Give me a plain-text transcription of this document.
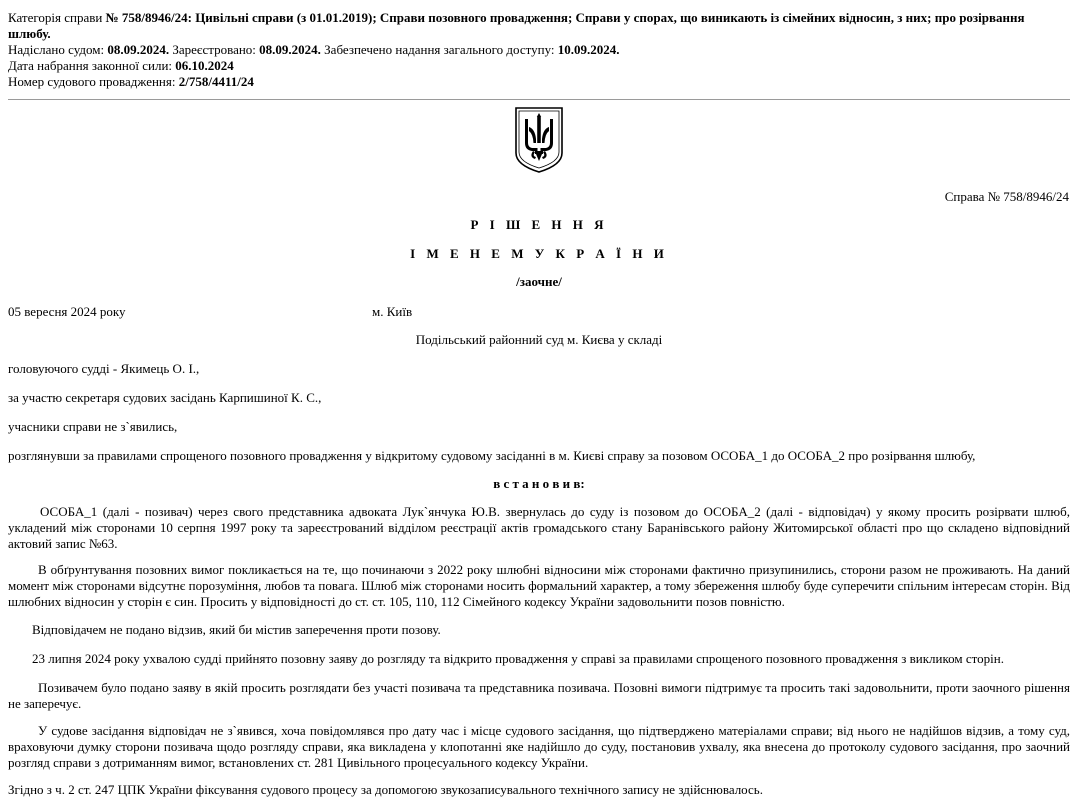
Категорія справи № 758/8946/24: Цивільні справи (з 01.01.2019); Справи позовного провадження; Справи у спорах, що виникають із сімейних відносин, з них; про розірвання шлюбу.

Надіслано судом: 08.09.2024. Зареєстровано: 08.09.2024. Забезпечено надання загального доступу: 10.09.2024.

Дата набрання законної сили: 06.10.2024

Номер судового провадження: 2/758/4411/24

Справа № 758/8946/24

Р І Ш Е Н Н Я

І М Е Н Е М У К Р А Ї Н И

/заочне/

05 вересня 2024 року	м. Київ

Подільський районний суд м. Києва у складі

головуючого судді - Якимець О. І.,

за участю секретаря судових засідань Карпишиної К. С.,

учасники справи не з`явились,

розглянувши за правилами спрощеного позовного провадження у відкритому судовому засіданні в м. Києві справу за позовом ОСОБА_1 до ОСОБА_2 про розірвання шлюбу,

в с т а н о в и в:

ОСОБА_1 (далі - позивач) через свого представника адвоката Лук`янчука Ю.В. звернулась до суду із позовом до ОСОБА_2 (далі - відповідач) у якому просить розірвати шлюб, укладений між сторонами 10 серпня 1997 року та зареєстрований відділом реєстрації актів громадського стану Баранівського району Житомирської області про що складено відповідний актовий запис №63.

В обґрунтування позовних вимог покликається на те, що починаючи з 2022 року шлюбні відносини між сторонами фактично призупинились, сторони разом не проживають. На даний момент між сторонами відсутнє порозуміння, любов та повага. Шлюб між сторонами носить формальний характер, а тому збереження шлюбу буде суперечити спільним інтересам сторін. Від шлюбних відносин у сторін є син. Просить у відповідності до ст. ст. 105, 110, 112 Сімейного кодексу України задовольнити позов повністю.

Відповідачем не подано відзив, який би містив заперечення проти позову.

23 липня 2024 року ухвалою судді прийнято позовну заяву до розгляду та відкрито провадження у справі за правилами спрощеного позовного провадження з викликом сторін.

Позивачем було подано заяву в якій просить розглядати без участі позивача та представника позивача. Позовні вимоги підтримує та просить такі задовольнити, проти заочного рішення не заперечує.

У судове засідання відповідач не з`явився, хоча повідомлявся про дату час і місце судового засідання, що підтверджено матеріалами справи; від нього не надійшов відзив, а тому суд, враховуючи думку сторони позивача щодо розгляду справи, яка викладена у клопотанні яке надійшло до суду, постановив ухвалу, яка внесена до протоколу судового засідання, про заочний розгляд справи з дотриманням вимог, встановлених ст. 281 Цивільного процесуального кодексу України.

Згідно з ч. 2 ст. 247 ЦПК України фіксування судового процесу за допомогою звукозаписувального технічного запису не здійснювалось.
